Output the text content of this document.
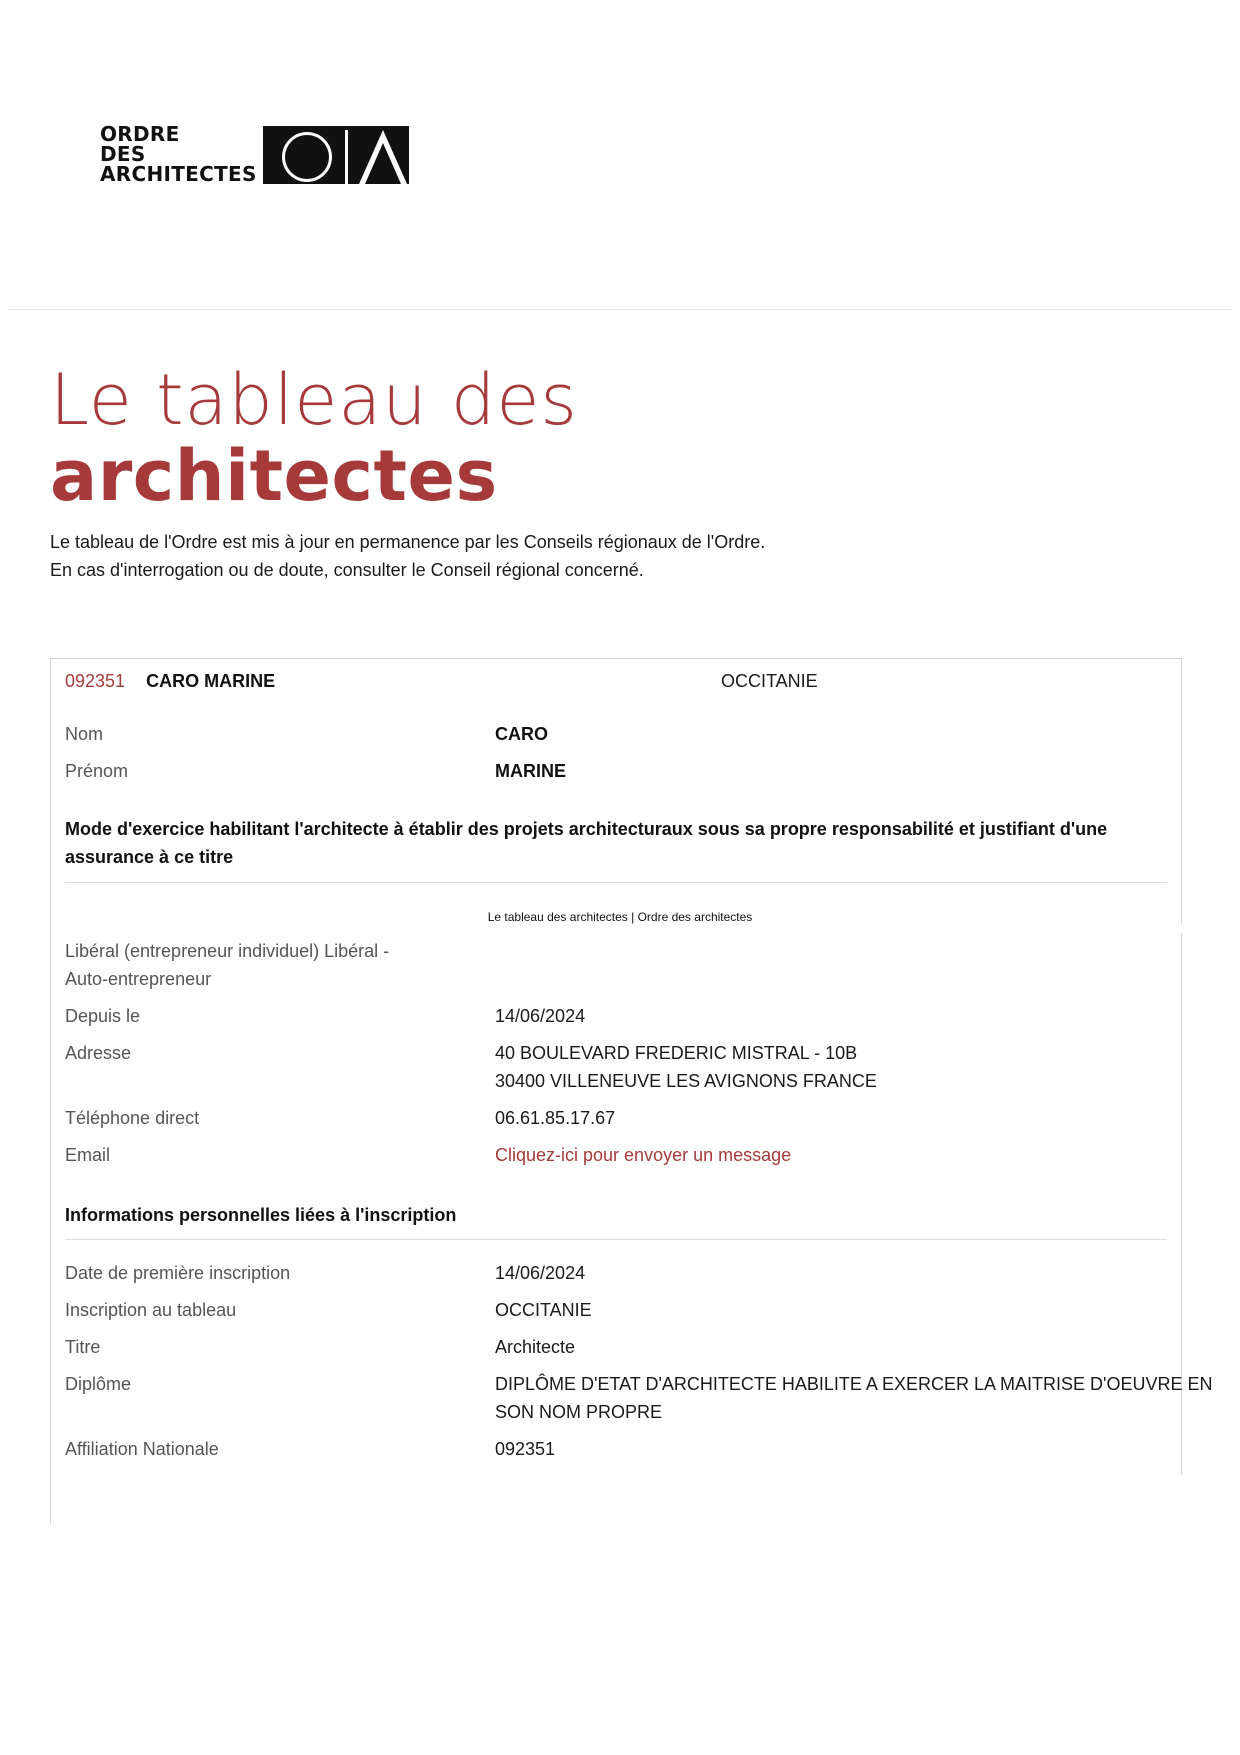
ORDRE
DES
ARCHITECTES
Le tableau des
architectes
Le tableau de l'Ordre est mis à jour en permanence par les Conseils régionaux de l'Ordre.
En cas d'interrogation ou de doute, consulter le Conseil régional concerné.
092351 CARO MARINE	OCCITANIE
Nom	CARO
Prénom	MARINE
Mode d'exercice habilitant l'architecte à établir des projets architecturaux sous sa propre responsabilité et justifiant d'une
assurance à ce titre
Libéral (entrepreneur individuel) Libéral -
Auto-entrepreneur
Depuis le	14/06/2024
Adresse	40 BOULEVARD FREDERIC MISTRAL - 10B
30400 VILLENEUVE LES AVIGNONS FRANCE
Téléphone direct	06.61.85.17.67
Email	Cliquez-ici pour envoyer un message
Informations personnelles liées à l'inscription
Date de première inscription	14/06/2024
Inscription au tableau	OCCITANIE
Titre	Architecte
Diplôme	DIPLÔME D'ETAT D'ARCHITECTE HABILITE A EXERCER LA MAITRISE D'OEUVRE EN
SON NOM PROPRE
Affiliation Nationale	092351
Le tableau des architectes | Ordre des architectes
